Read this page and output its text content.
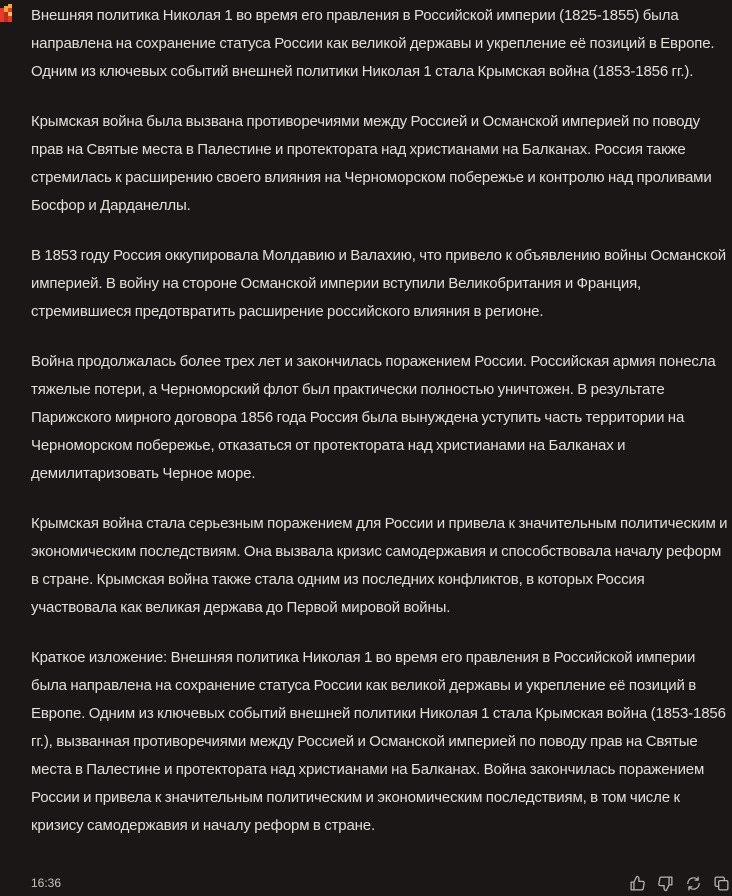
Внешняя политика Николая 1 во время его правления в Российской империи (1825-1855) была направлена на сохранение статуса России как великой державы и укрепление её позиций в Европе. Одним из ключевых событий внешней политики Николая 1 стала Крымская война (1853-1856 гг.).

Крымская война была вызвана противоречиями между Россией и Османской империей по поводу прав на Святые места в Палестине и протектората над христианами на Балканах. Россия также стремилась к расширению своего влияния на Черноморском побережье и контролю над проливами Босфор и Дарданеллы.

В 1853 году Россия оккупировала Молдавию и Валахию, что привело к объявлению войны Османской империей. В войну на стороне Османской империи вступили Великобритания и Франция, стремившиеся предотвратить расширение российского влияния в регионе.

Война продолжалась более трех лет и закончилась поражением России. Российская армия понесла тяжелые потери, а Черноморский флот был практически полностью уничтожен. В результате Парижского мирного договора 1856 года Россия была вынуждена уступить часть территории на Черноморском побережье, отказаться от протектората над христианами на Балканах и демилитаризовать Черное море.

Крымская война стала серьезным поражением для России и привела к значительным политическим и экономическим последствиям. Она вызвала кризис самодержавия и способствовала началу реформ в стране. Крымская война также стала одним из последних конфликтов, в которых Россия участвовала как великая держава до Первой мировой войны.

Краткое изложение: Внешняя политика Николая 1 во время его правления в Российской империи была направлена на сохранение статуса России как великой державы и укрепление её позиций в Европе. Одним из ключевых событий внешней политики Николая 1 стала Крымская война (1853-1856 гг.), вызванная противоречиями между Россией и Османской империей по поводу прав на Святые места в Палестине и протектората над христианами на Балканах. Война закончилась поражением России и привела к значительным политическим и экономическим последствиям, в том числе к кризису самодержавия и началу реформ в стране.

16:36
